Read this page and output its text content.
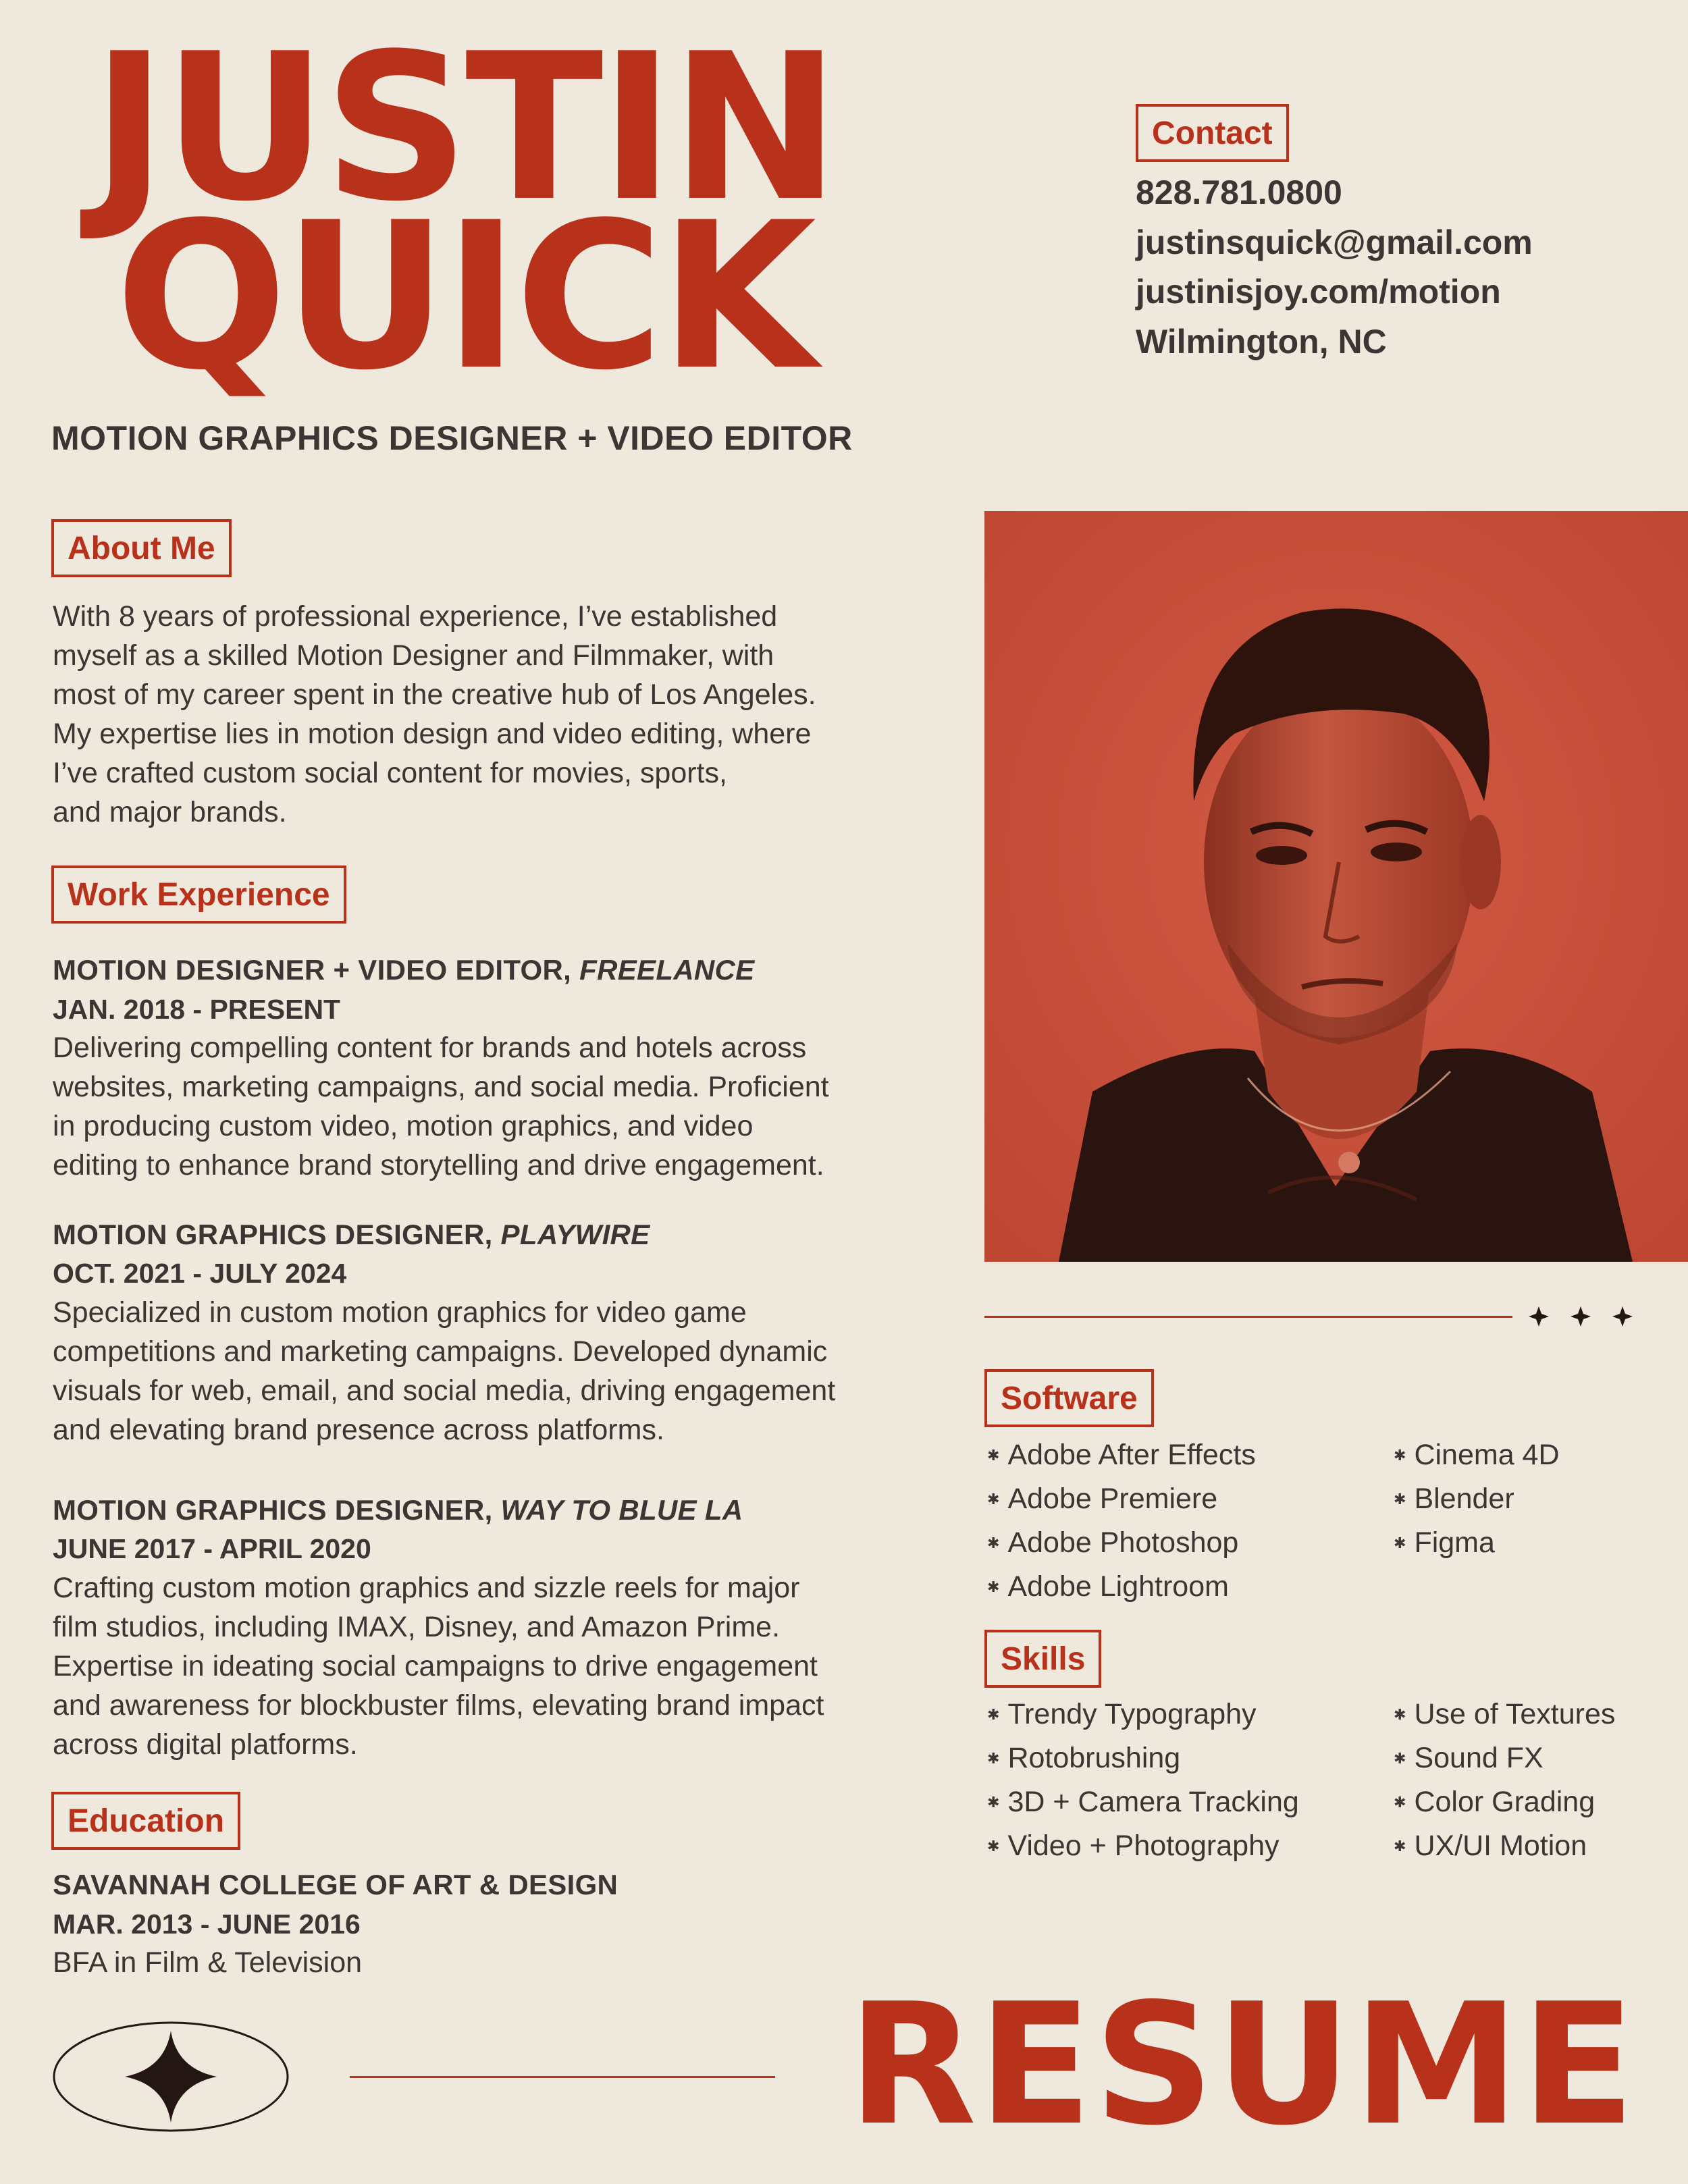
JUSTIN
QUICK
MOTION GRAPHICS DESIGNER + VIDEO EDITOR
Contact
828.781.0800
justinsquick@gmail.com
justinisjoy.com/motion
Wilmington, NC
About Me
With 8 years of professional experience, I’ve established
myself as a skilled Motion Designer and Filmmaker, with
most of my career spent in the creative hub of Los Angeles.
My expertise lies in motion design and video editing, where
I’ve crafted custom social content for movies, sports,
and major brands.
Work Experience
MOTION DESIGNER + VIDEO EDITOR, FREELANCE
JAN. 2018 - PRESENT
Delivering compelling content for brands and hotels across
websites, marketing campaigns, and social media. Proficient
in producing custom video, motion graphics, and video
editing to enhance brand storytelling and drive engagement.
MOTION GRAPHICS DESIGNER, PLAYWIRE
OCT. 2021 - JULY 2024
Specialized in custom motion graphics for video game
competitions and marketing campaigns. Developed dynamic
visuals for web, email, and social media, driving engagement
and elevating brand presence across platforms.
MOTION GRAPHICS DESIGNER, WAY TO BLUE LA
JUNE 2017 - APRIL 2020
Crafting custom motion graphics and sizzle reels for major
film studios, including IMAX, Disney, and Amazon Prime.
Expertise in ideating social campaigns to drive engagement
and awareness for blockbuster films, elevating brand impact
across digital platforms.
Education
SAVANNAH COLLEGE OF ART & DESIGN
MAR. 2013 - JUNE 2016
BFA in Film & Television
Software
✱ Adobe After Effects
✱ Adobe Premiere
✱ Adobe Photoshop
✱ Adobe Lightroom
✱ Cinema 4D
✱ Blender
✱ Figma
Skills
✱ Trendy Typography
✱ Rotobrushing
✱ 3D + Camera Tracking
✱ Video + Photography
✱ Use of Textures
✱ Sound FX
✱ Color Grading
✱ UX/UI Motion
RESUME
